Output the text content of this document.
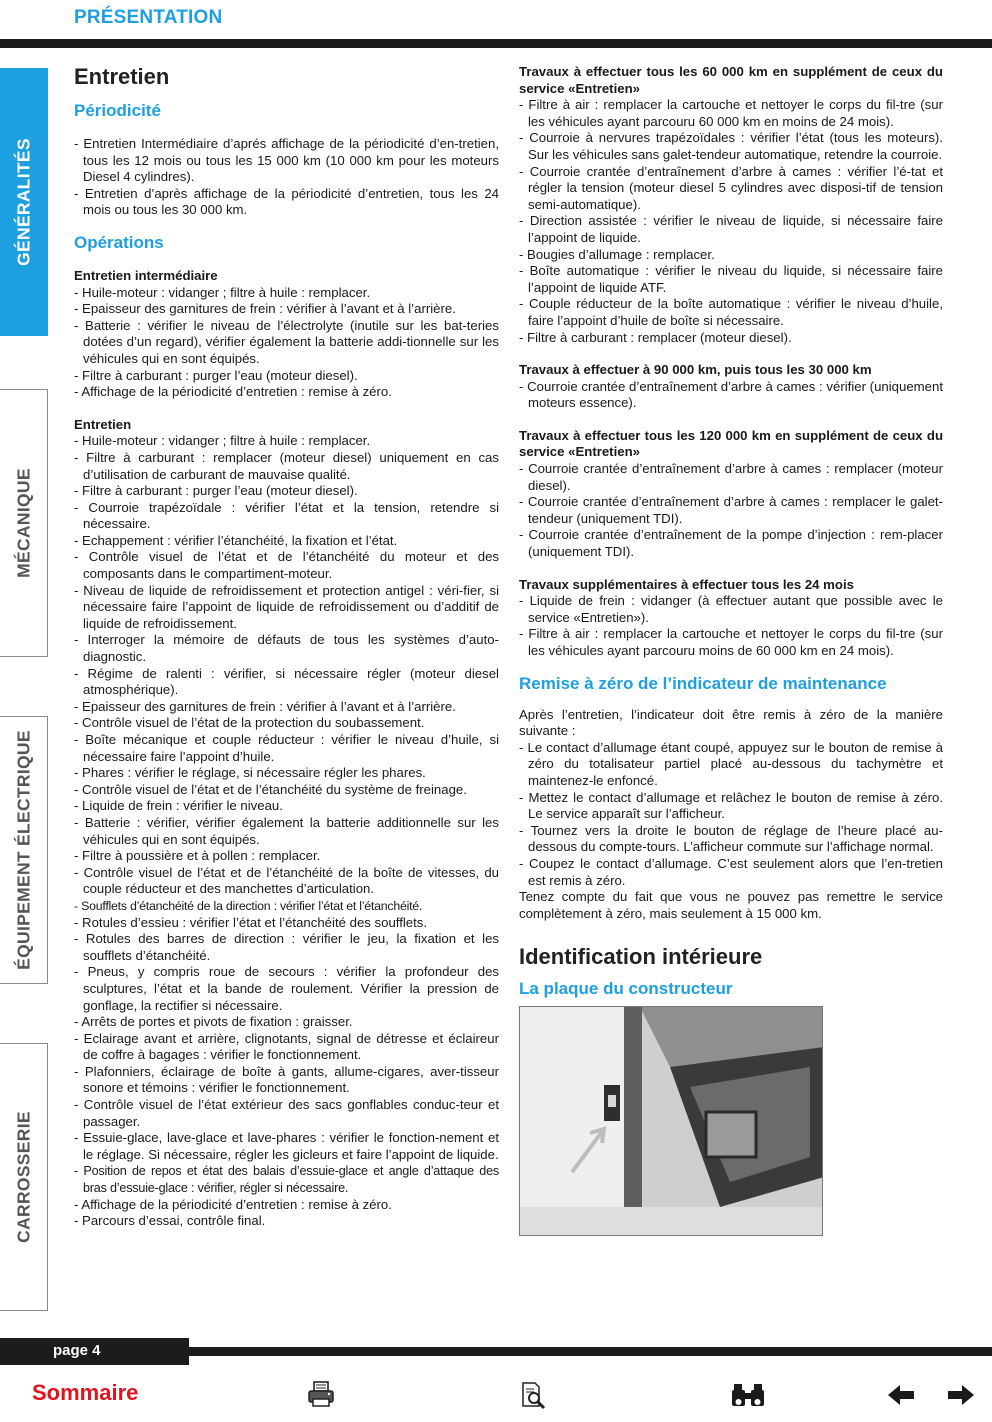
PRÉSENTATION
GÉNÉRALITÉS
MÉCANIQUE
ÉQUIPEMENT ÉLECTRIQUE
CARROSSERIE
Entretien
Périodicité
- Entretien Intermédiaire d’aprés affichage de la périodicité d’en-tretien, tous les 12 mois ou tous les 15 000 km (10 000 km pour les moteurs Diesel 4 cylindres).
- Entretien d’après affichage de la périodicité d’entretien, tous les 24 mois ou tous les 30 000 km.
Opérations
Entretien intermédiaire
- Huile-moteur : vidanger ; filtre à huile : remplacer.
- Epaisseur des garnitures de frein : vérifier à l’avant et à l’arrière.
- Batterie : vérifier le niveau de l’électrolyte (inutile sur les bat-teries dotées d’un regard), vérifier également la batterie addi-tionnelle sur les véhicules qui en sont équipés.
- Filtre à carburant : purger l’eau (moteur diesel).
- Affichage de la périodicité d’entretien : remise à zéro.
Entretien
- Huile-moteur : vidanger ; filtre à huile : remplacer.
- Filtre à carburant : remplacer (moteur diesel) uniquement en cas d’utilisation de carburant de mauvaise qualité.
- Filtre à carburant : purger l’eau (moteur diesel).
- Courroie trapézoïdale : vérifier l’état et la tension, retendre si nécessaire.
- Echappement : vérifier l’étanchéité, la fixation et l’état.
- Contrôle visuel de l’état et de l’étanchéité du moteur et des composants dans le compartiment-moteur.
- Niveau de liquide de refroidissement et protection antigel : véri-fier, si nécessaire faire l’appoint de liquide de refroidissement ou d’additif de liquide de refroidissement.
- Interroger la mémoire de défauts de tous les systèmes d’auto-diagnostic.
- Régime de ralenti : vérifier, si nécessaire régler (moteur diesel atmosphérique).
- Epaisseur des garnitures de frein : vérifier à l’avant et à l’arrière.
- Contrôle visuel de l’état de la protection du soubassement.
- Boîte mécanique et couple réducteur : vérifier le niveau d’huile, si nécessaire faire l’appoint d’huile.
- Phares : vérifier le réglage, si nécessaire régler les phares.
- Contrôle visuel de l’état et de l’étanchéité du système de freinage.
- Liquide de frein : vérifier le niveau.
- Batterie : vérifier, vérifier également la batterie additionnelle sur les véhicules qui en sont équipés.
- Filtre à poussière et à pollen : remplacer.
- Contrôle visuel de l’état et de l’étanchéité de la boîte de vitesses, du couple réducteur et des manchettes d’articulation.
- Soufflets d’étanchéité de la direction : vérifier l’état et l’étanchéité.
- Rotules d’essieu : vérifier l’état et l’étanchéité des soufflets.
- Rotules des barres de direction : vérifier le jeu, la fixation et les soufflets d’étanchéité.
- Pneus, y compris roue de secours : vérifier la profondeur des sculptures, l’état et la bande de roulement. Vérifier la pression de gonflage, la rectifier si nécessaire.
- Arrêts de portes et pivots de fixation : graisser.
- Eclairage avant et arrière, clignotants, signal de détresse et éclaireur de coffre à bagages : vérifier le fonctionnement.
- Plafonniers, éclairage de boîte à gants, allume-cigares, aver-tisseur sonore et témoins : vérifier le fonctionnement.
- Contrôle visuel de l’état extérieur des sacs gonflables conduc-teur et passager.
- Essuie-glace, lave-glace et lave-phares : vérifier le fonction-nement et le réglage. Si nécessaire, régler les gicleurs et faire l’appoint de liquide.
- Position de repos et état des balais d’essuie-glace et angle d’attaque des bras d’essuie-glace : vérifier, régler si nécessaire.
- Affichage de la périodicité d’entretien : remise à zéro.
- Parcours d’essai, contrôle final.
Travaux à effectuer tous les 60 000 km en supplément de ceux du service «Entretien»
- Filtre à air : remplacer la cartouche et nettoyer le corps du fil-tre (sur les véhicules ayant parcouru 60 000 km en moins de 24 mois).
- Courroie à nervures trapézoïdales : vérifier l’état (tous les moteurs). Sur les véhicules sans galet-tendeur automatique, retendre la courroie.
- Courroie crantée d’entraînement d’arbre à cames : vérifier l’é-tat et régler la tension (moteur diesel 5 cylindres avec disposi-tif de tension semi-automatique).
- Direction assistée : vérifier le niveau de liquide, si nécessaire faire l’appoint de liquide.
- Bougies d’allumage : remplacer.
- Boîte automatique : vérifier le niveau du liquide, si nécessaire faire l’appoint de liquide ATF.
- Couple réducteur de la boîte automatique : vérifier le niveau d’huile, faire l’appoint d’huile de boîte si nécessaire.
- Filtre à carburant : remplacer (moteur diesel).
Travaux à effectuer à 90 000 km, puis tous les 30 000 km
- Courroie crantée d’entraînement d’arbre à cames : vérifier (uniquement moteurs essence).
Travaux à effectuer tous les 120 000 km en supplément de ceux du service «Entretien»
- Courroie crantée d’entraînement d’arbre à cames : remplacer (moteur diesel).
- Courroie crantée d’entraînement d’arbre à cames : remplacer le galet-tendeur (uniquement TDI).
- Courroie crantée d’entraînement de la pompe d’injection : rem-placer (uniquement TDI).
Travaux supplémentaires à effectuer tous les 24 mois
- Liquide de frein : vidanger (à effectuer autant que possible avec le service «Entretien»).
- Filtre à air : remplacer la cartouche et nettoyer le corps du fil-tre (sur les véhicules ayant parcouru moins de 60 000 km en 24 mois).
Remise à zéro de l’indicateur de maintenance
Après l’entretien, l’indicateur doit être remis à zéro de la manière suivante :
- Le contact d’allumage étant coupé, appuyez sur le bouton de remise à zéro du totalisateur partiel placé au-dessous du tachymètre et maintenez-le enfoncé.
- Mettez le contact d’allumage et relâchez le bouton de remise à zéro. Le service apparaît sur l’afficheur.
- Tournez vers la droite le bouton de réglage de l’heure placé au-dessous du compte-tours. L’afficheur commute sur l’affichage normal.
- Coupez le contact d’allumage. C’est seulement alors que l’en-tretien est remis à zéro.
Tenez compte du fait que vous ne pouvez pas remettre le service complètement à zéro, mais seulement à 15 000 km.
Identification intérieure
La plaque du constructeur
page 4
Sommaire
